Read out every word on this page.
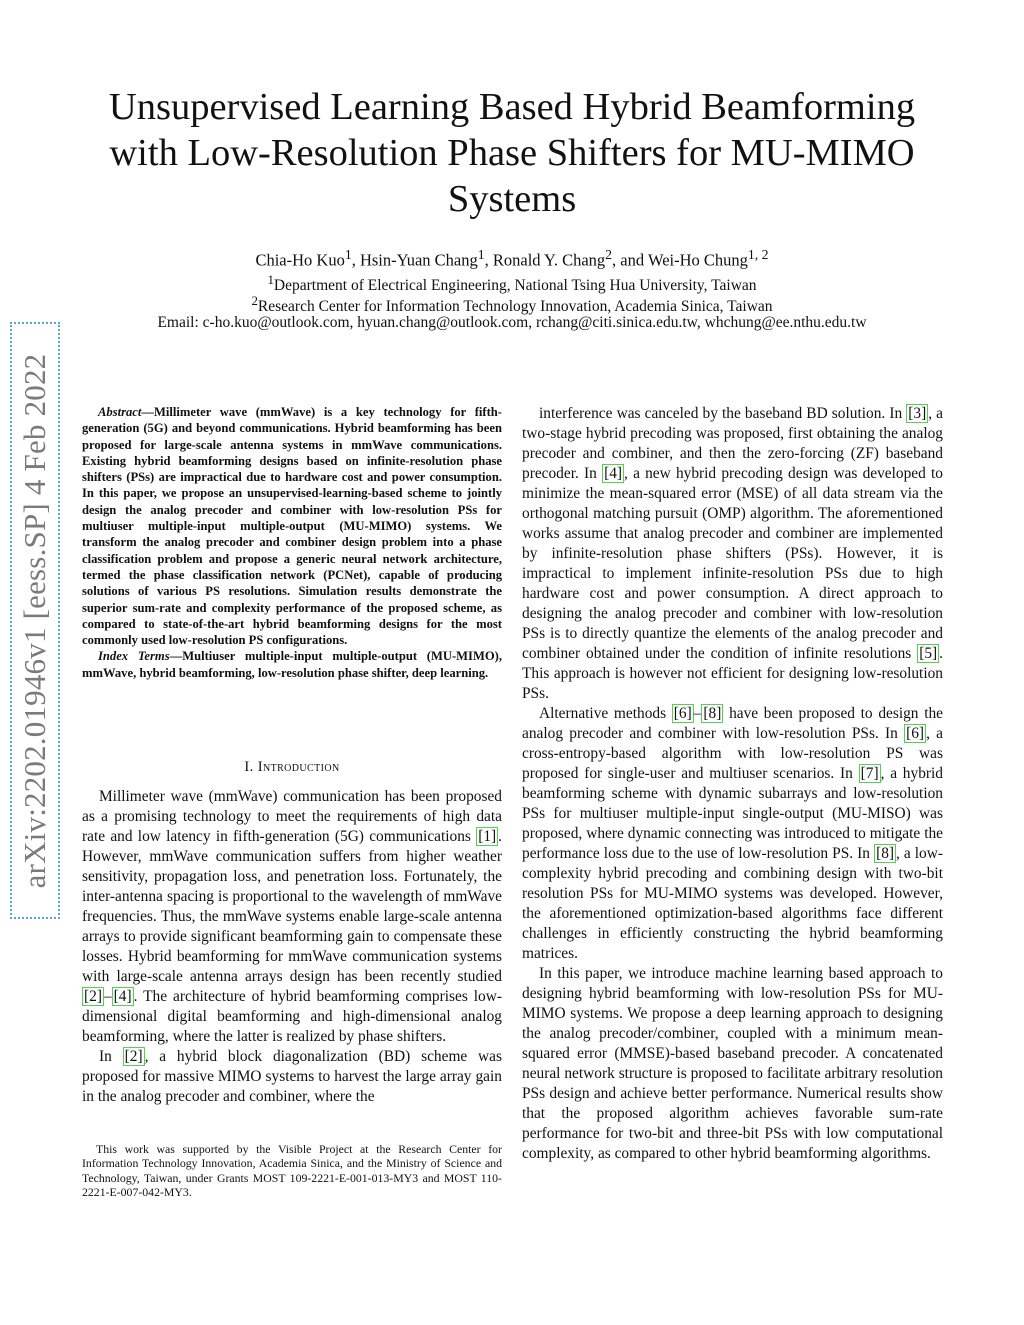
Unsupervised Learning Based Hybrid Beamforming
with Low-Resolution Phase Shifters for MU-MIMO
Systems
Chia-Ho Kuo$^1$, Hsin-Yuan Chang$^1$, Ronald Y. Chang$^2$, and Wei-Ho Chung$^{1, 2}$
$^1$Department of Electrical Engineering, National Tsing Hua University, Taiwan
$^2$Research Center for Information Technology Innovation, Academia Sinica, Taiwan
Email: c-ho.kuo@outlook.com, hyuan.chang@outlook.com, rchang@citi.sinica.edu.tw, whchung@ee.nthu.edu.tw
arXiv:2202.01946v1 [eess.SP] 4 Feb 2022	Abstract—Millimeter wave (mmWave) is a key technology for fifth-generation (5G) and beyond communications. Hybrid beamforming has been proposed for large-scale antenna systems in mmWave communications. Existing hybrid beamforming designs based on infinite-resolution phase shifters (PSs) are impractical due to hardware cost and power consumption. In this paper, we propose an unsupervised-learning-based scheme to jointly design the analog precoder and combiner with low-resolution PSs for multiuser multiple-input multiple-output (MU-MIMO) systems. We transform the analog precoder and combiner design problem into a phase classification problem and propose a generic neural network architecture, termed the phase classification network (PCNet), capable of producing solutions of various PS resolutions. Simulation results demonstrate the superior sum-rate and complexity performance of the proposed scheme, as compared to state-of-the-art hybrid beamforming designs for the most commonly used low-resolution PS configurations.

Index Terms—Multiuser multiple-input multiple-output (MU-MIMO), mmWave, hybrid beamforming, low-resolution phase shifter, deep learning.

I. Introduction

Millimeter wave (mmWave) communication has been proposed as a promising technology to meet the requirements of high data rate and low latency in fifth-generation (5G) communications [1] . However, mmWave communication suffers from higher weather sensitivity, propagation loss, and penetration loss. Fortunately, the inter-antenna spacing is proportional to the wavelength of mmWave frequencies. Thus, the mmWave systems enable large-scale antenna arrays to provide significant beamforming gain to compensate these losses. Hybrid beamforming for mmWave communication systems with large-scale antenna arrays design has been recently studied [2] – [4] . The architecture of hybrid beamforming comprises low-dimensional digital beamforming and high-dimensional analog beamforming, where the latter is realized by phase shifters.

In [2] , a hybrid block diagonalization (BD) scheme was proposed for massive MIMO systems to harvest the large array gain in the analog precoder and combiner, where the

This work was supported by the Visible Project at the Research Center for Information Technology Innovation, Academia Sinica, and the Ministry of Science and Technology, Taiwan, under Grants MOST 109-2221-E-001-013-MY3 and MOST 110-2221-E-007-042-MY3.

interference was canceled by the baseband BD solution. In [3] , a two-stage hybrid precoding was proposed, first obtaining the analog precoder and combiner, and then the zero-forcing (ZF) baseband precoder. In [4] , a new hybrid precoding design was developed to minimize the mean-squared error (MSE) of all data stream via the orthogonal matching pursuit (OMP) algorithm. The aforementioned works assume that analog precoder and combiner are implemented by infinite-resolution phase shifters (PSs). However, it is impractical to implement infinite-resolution PSs due to high hardware cost and power consumption. A direct approach to designing the analog precoder and combiner with low-resolution PSs is to directly quantize the elements of the analog precoder and combiner obtained under the condition of infinite resolutions [5] . This approach is however not efficient for designing low-resolution PSs.

Alternative methods [6] – [8] have been proposed to design the analog precoder and combiner with low-resolution PSs. In [6] , a cross-entropy-based algorithm with low-resolution PS was proposed for single-user and multiuser scenarios. In [7] , a hybrid beamforming scheme with dynamic subarrays and low-resolution PSs for multiuser multiple-input single-output (MU-MISO) was proposed, where dynamic connecting was introduced to mitigate the performance loss due to the use of low-resolution PS. In [8] , a low-complexity hybrid precoding and combining design with two-bit resolution PSs for MU-MIMO systems was developed. However, the aforementioned optimization-based algorithms face different challenges in efficiently constructing the hybrid beamforming matrices.

In this paper, we introduce machine learning based approach to designing hybrid beamforming with low-resolution PSs for MU-MIMO systems. We propose a deep learning approach to designing the analog precoder/combiner, coupled with a minimum mean-squared error (MMSE)-based baseband precoder. A concatenated neural network structure is proposed to facilitate arbitrary resolution PSs design and achieve better performance. Numerical results show that the proposed algorithm achieves favorable sum-rate performance for two-bit and three-bit PSs with low computational complexity, as compared to other hybrid beamforming algorithms.
